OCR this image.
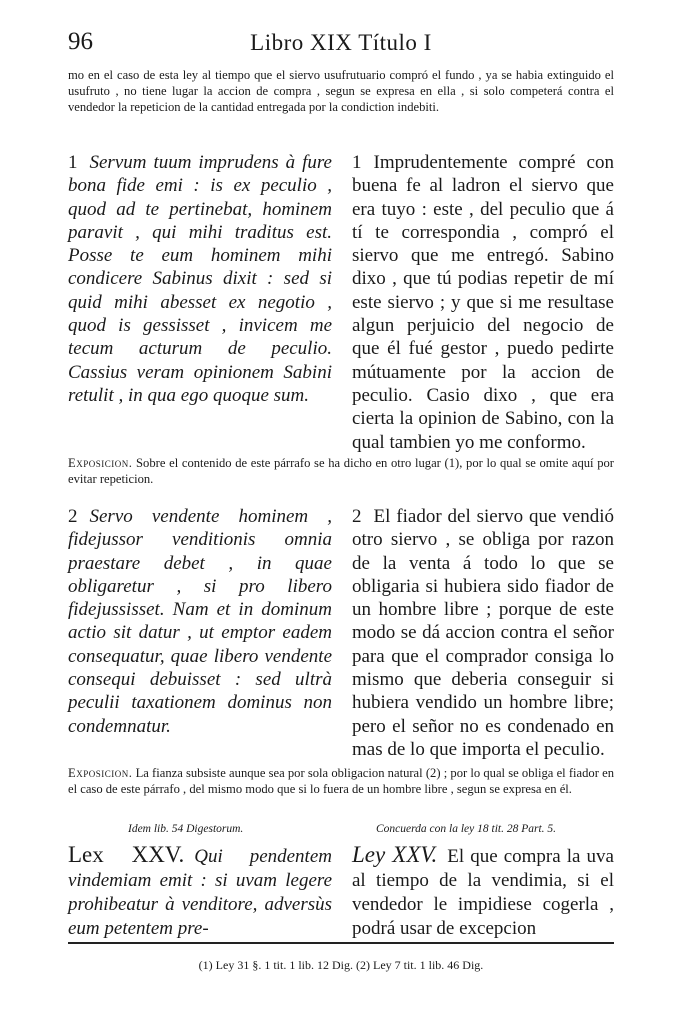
96	Libro XIX Título I
mo en el caso de esta ley al tiempo que el siervo usufrutuario compró el fundo , ya se habia extinguido el usufruto , no tiene lugar la accion de compra , segun se expresa en ella , si solo competerá contra el vendedor la repeticion de la cantidad entregada por la condiction indebiti.

1 Servum tuum imprudens à fure bona fide emi : is ex peculio , quod ad te pertinebat, hominem paravit , qui mihi traditus est. Posse te eum hominem mihi condicere Sabinus dixit : sed si quid mihi abesset ex negotio , quod is gessisset , invicem me tecum acturum de peculio. Cassius veram opinionem Sabini retulit , in qua ego quoque sum.

1 Imprudentemente compré con buena fe al ladron el siervo que era tuyo : este , del peculio que á tí te correspondia , compró el siervo que me entregó. Sabino dixo , que tú podias repetir de mí este siervo ; y que si me resultase algun perjuicio del negocio de que él fué gestor , puedo pedirte mútuamente por la accion de peculio. Casio dixo , que era cierta la opinion de Sabino, con la qual tambien yo me conformo.

Exposicion. Sobre el contenido de este párrafo se ha dicho en otro lugar (1), por lo qual se omite aquí por evitar repeticion.

2 Servo vendente hominem , fidejussor venditionis omnia praestare debet , in quae obligaretur , si pro libero fidejussisset. Nam et in dominum actio sit datur , ut emptor eadem consequatur, quae libero vendente consequi debuisset : sed ultrà peculii taxationem dominus non condemnatur.

2 El fiador del siervo que vendió otro siervo , se obliga por razon de la venta á todo lo que se obligaria si hubiera sido fiador de un hombre libre ; porque de este modo se dá accion contra el señor para que el comprador consiga lo mismo que deberia conseguir si hubiera vendido un hombre libre; pero el señor no es condenado en mas de lo que importa el peculio.

Exposicion. La fianza subsiste aunque sea por sola obligacion natural (2) ; por lo qual se obliga el fiador en el caso de este párrafo , del mismo modo que si lo fuera de un hombre libre , segun se expresa en él.
Idem lib. 54 Digestorum.	Concuerda con la ley 18 tit. 28 Part. 5.

Lex XXV. Qui pendentem vindemiam emit : si uvam legere prohibeatur à venditore, adversùs eum petentem pre-

Ley XXV. El que compra la uva al tiempo de la vendimia, si el vendedor le impidiese cogerla , podrá usar de excepcion

(1) Ley 31 §. 1 tit. 1 lib. 12 Dig. (2) Ley 7 tit. 1 lib. 46 Dig.
